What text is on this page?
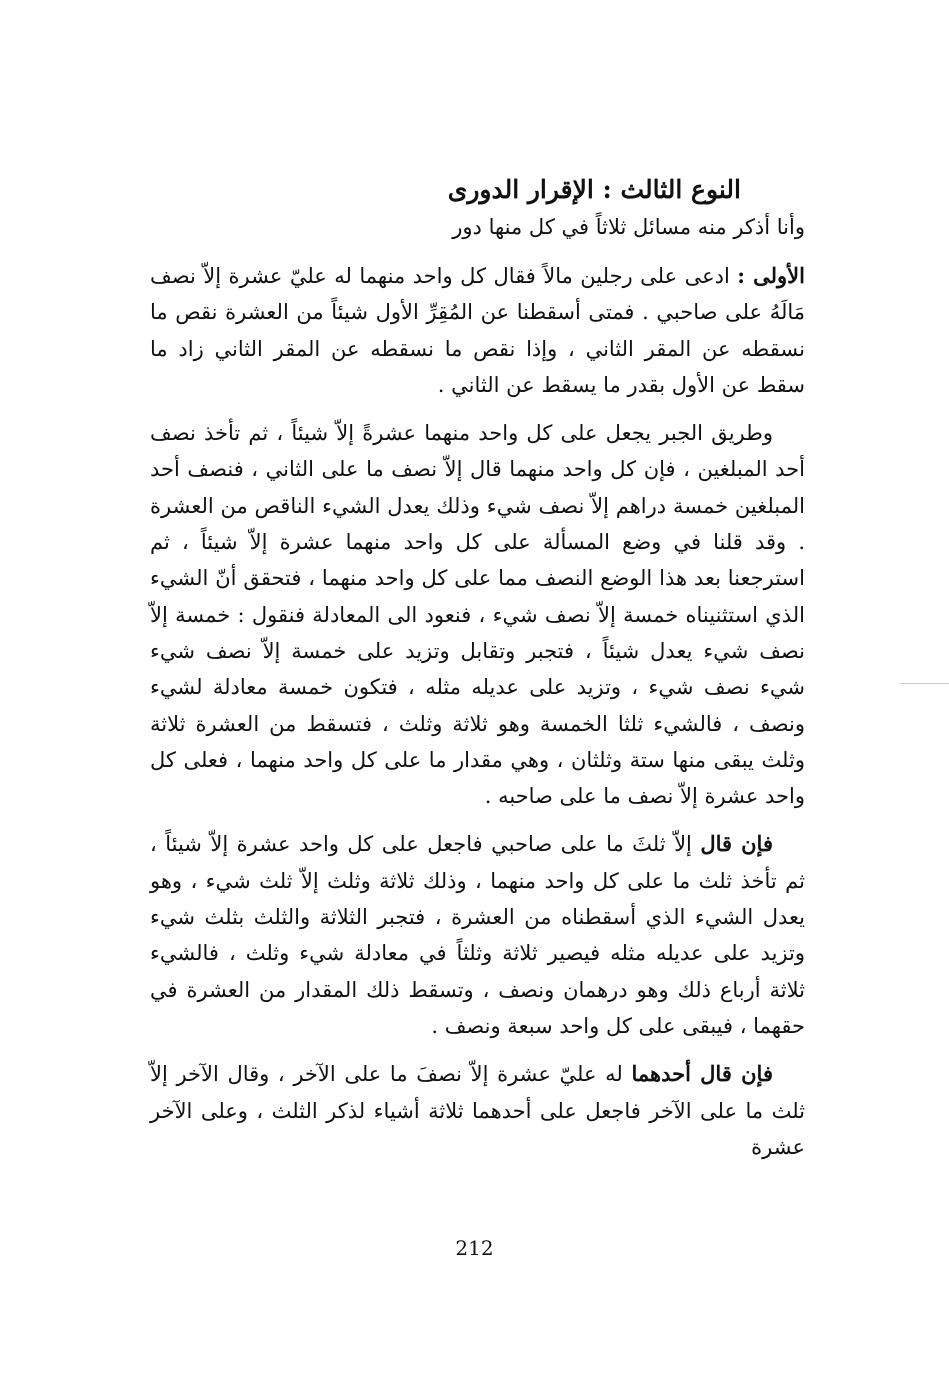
النوع الثالث : الإقرار الدورى
وأنا أذكر منه مسائل ثلاثاً في كل منها دور

الأولى : ادعى على رجلين مالاً فقال كل واحد منهما له عليّ عشرة إلاّ نصف مَالَهُ على صاحبي . فمتى أسقطنا عن المُقِرِّ الأول شيئاً من العشرة نقص ما نسقطه عن المقر الثاني ، وإذا نقص ما نسقطه عن المقر الثاني زاد ما سقط عن الأول بقدر ما يسقط عن الثاني .

وطريق الجبر يجعل على كل واحد منهما عشرةً إلاّ شيئاً ، ثم تأخذ نصف أحد المبلغين ، فإن كل واحد منهما قال إلاّ نصف ما على الثاني ، فنصف أحد المبلغين خمسة دراهم إلاّ نصف شيء وذلك يعدل الشيء الناقص من العشرة . وقد قلنا في وضع المسألة على كل واحد منهما عشرة إلاّ شيئاً ، ثم استرجعنا بعد هذا الوضع النصف مما على كل واحد منهما ، فتحقق أنّ الشيء الذي استثنيناه خمسة إلاّ نصف شيء ، فنعود الى المعادلة فنقول : خمسة إلاّ نصف شيء يعدل شيئاً ، فتجبر وتقابل وتزيد على خمسة إلاّ نصف شيء شيء نصف شيء ، وتزيد على عديله مثله ، فتكون خمسة معادلة لشيء ونصف ، فالشيء ثلثا الخمسة وهو ثلاثة وثلث ، فتسقط من العشرة ثلاثة وثلث يبقى منها ستة وثلثان ، وهي مقدار ما على كل واحد منهما ، فعلى كل واحد عشرة إلاّ نصف ما على صاحبه .

فإن قال إلاّ ثلثَ ما على صاحبي فاجعل على كل واحد عشرة إلاّ شيئاً ، ثم تأخذ ثلث ما على كل واحد منهما ، وذلك ثلاثة وثلث إلاّ ثلث شيء ، وهو يعدل الشيء الذي أسقطناه من العشرة ، فتجبر الثلاثة والثلث بثلث شيء وتزيد على عديله مثله فيصير ثلاثة وثلثاً في معادلة شيء وثلث ، فالشيء ثلاثة أرباع ذلك وهو درهمان ونصف ، وتسقط ذلك المقدار من العشرة في حقهما ، فيبقى على كل واحد سبعة ونصف .

فإن قال أحدهما له عليّ عشرة إلاّ نصفَ ما على الآخر ، وقال الآخر إلاّ ثلث ما على الآخر فاجعل على أحدهما ثلاثة أشياء لذكر الثلث ، وعلى الآخر عشرة

212
